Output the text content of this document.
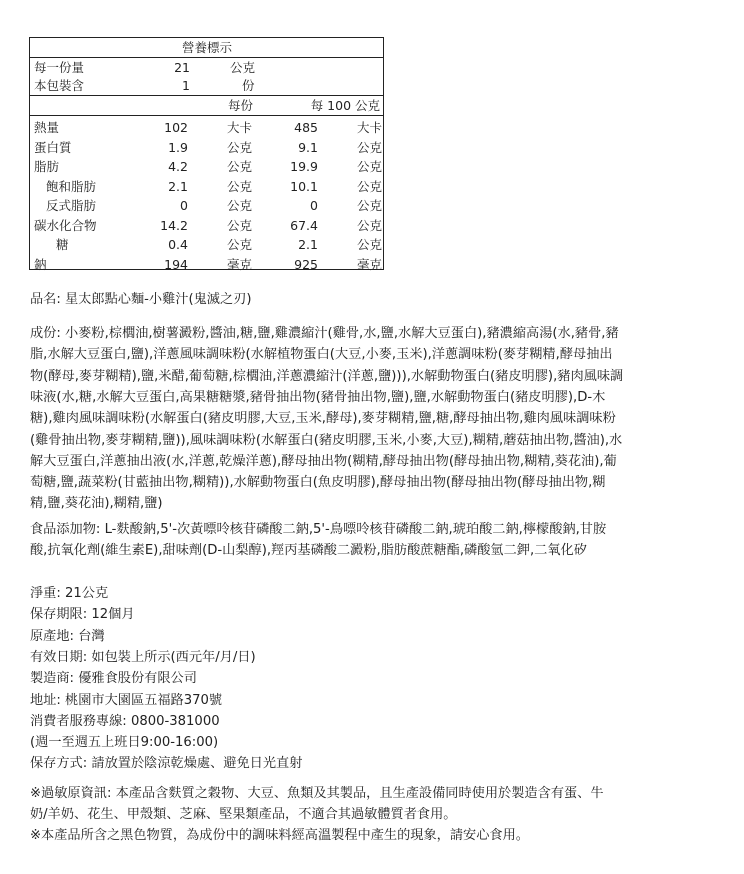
營養標示
每一份量	21	公克
本包裝含	1	份
每份	每 100 公克
熱量	102	大卡	485	大卡
蛋白質	1.9	公克	9.1	公克
脂肪	4.2	公克	19.9	公克
飽和脂肪	2.1	公克	10.1	公克
反式脂肪	0	公克	0	公克
碳水化合物	14.2	公克	67.4	公克
糖	0.4	公克	2.1	公克
鈉	194	毫克	925	毫克
品名: 星太郎點心麵-小雞汁(鬼滅之刃)
成份: 小麥粉,棕櫚油,樹薯澱粉,醬油,糖,鹽,雞濃縮汁(雞骨,水,鹽,水解大豆蛋白),豬濃縮高湯(水,豬骨,豬
脂,水解大豆蛋白,鹽),洋蔥風味調味粉(水解植物蛋白(大豆,小麥,玉米),洋蔥調味粉(麥芽糊精,酵母抽出
物(酵母,麥芽糊精),鹽,米醋,葡萄糖,棕櫚油,洋蔥濃縮汁(洋蔥,鹽))),水解動物蛋白(豬皮明膠),豬肉風味調
味液(水,糖,水解大豆蛋白,高果糖糖漿,豬骨抽出物(豬骨抽出物,鹽),鹽,水解動物蛋白(豬皮明膠),D-木
糖),雞肉風味調味粉(水解蛋白(豬皮明膠,大豆,玉米,酵母),麥芽糊精,鹽,糖,酵母抽出物,雞肉風味調味粉
(雞骨抽出物,麥芽糊精,鹽)),風味調味粉(水解蛋白(豬皮明膠,玉米,小麥,大豆),糊精,蘑菇抽出物,醬油),水
解大豆蛋白,洋蔥抽出液(水,洋蔥,乾燥洋蔥),酵母抽出物(糊精,酵母抽出物(酵母抽出物,糊精,葵花油),葡
萄糖,鹽,蔬菜粉(甘藍抽出物,糊精)),水解動物蛋白(魚皮明膠),酵母抽出物(酵母抽出物(酵母抽出物,糊
精,鹽,葵花油),糊精,鹽)
食品添加物: L-麩酸鈉,5'-次黃嘌呤核苷磷酸二鈉,5'-鳥嘌呤核苷磷酸二鈉,琥珀酸二鈉,檸檬酸鈉,甘胺
酸,抗氧化劑(維生素E),甜味劑(D-山梨醇),羥丙基磷酸二澱粉,脂肪酸蔗糖酯,磷酸氫二鉀,二氧化矽
淨重: 21公克
保存期限: 12個月
原產地: 台灣
有效日期: 如包裝上所示(西元年/月/日)
製造商: 優雅食股份有限公司
地址: 桃園市大園區五福路370號
消費者服務專線: 0800-381000
(週一至週五上班日9:00-16:00)
保存方式: 請放置於陰涼乾燥處、避免日光直射
※過敏原資訊: 本產品含麩質之穀物、大豆、魚類及其製品，且生產設備同時使用於製造含有蛋、牛
奶/羊奶、花生、甲殼類、芝麻、堅果類產品，不適合其過敏體質者食用。
※本產品所含之黑色物質，為成份中的調味料經高溫製程中產生的現象，請安心食用。
